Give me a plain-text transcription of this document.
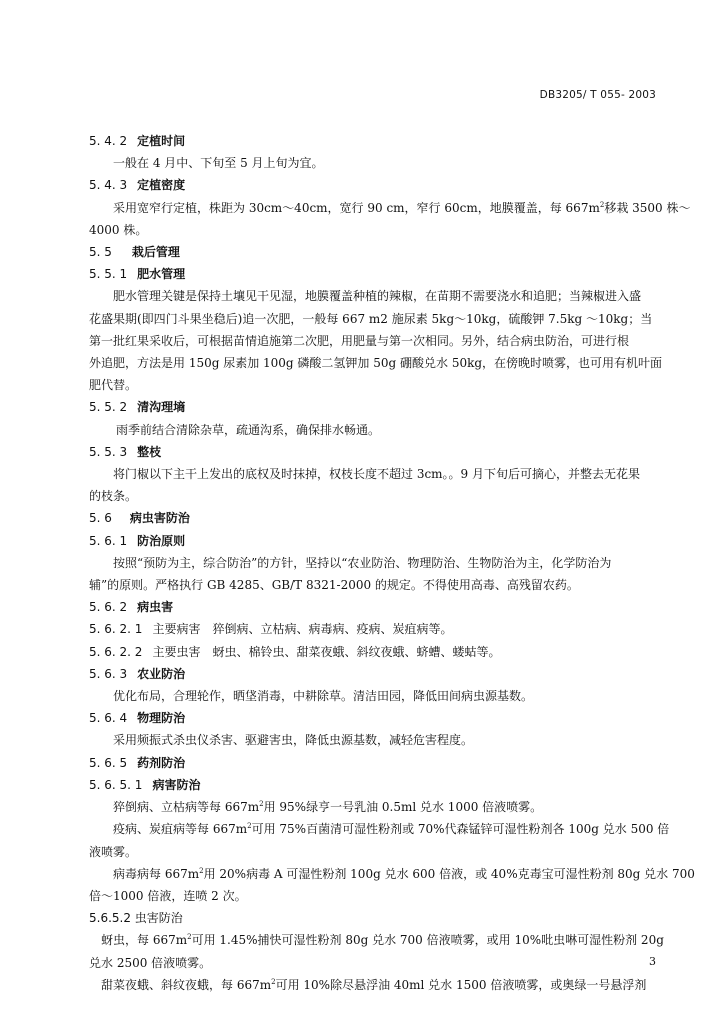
DB3205/ T 055- 2003

5. 4. 2 定植时间

一般在 4 月中、下旬至 5 月上旬为宜。

5. 4. 3 定植密度

采用宽窄行定植，株距为 30cm～40cm，宽行 90 cm，窄行 60cm，地膜覆盖，每 $667m^2$移栽 3500 株～

4000 株。

5. 5 栽后管理

5. 5. 1 肥水管理

肥水管理关键是保持土壤见干见湿，地膜覆盖种植的辣椒，在苗期不需要浇水和追肥；当辣椒进入盛

花盛果期(即四门斗果坐稳后)追一次肥，一般每 667 m2 施尿素 5kg～10kg，硫酸钾 7.5kg ～10kg；当

第一批红果采收后，可根据苗情追施第二次肥，用肥量与第一次相同。另外，结合病虫防治，可进行根

外追肥，方法是用 150g 尿素加 100g 磷酸二氢钾加 50g 硼酸兑水 50kg，在傍晚时喷雾，也可用有机叶面

肥代替。

5. 5. 2 清沟理墒

雨季前结合清除杂草，疏通沟系，确保排水畅通。

5. 5. 3 整枝

将门椒以下主干上发出的底权及时抹掉，权枝长度不超过 3cm。。9 月下旬后可摘心，并整去无花果

的枝条。

5. 6 病虫害防治

5. 6. 1 防治原则

按照“预防为主，综合防治”的方针，坚持以“农业防治、物理防治、生物防治为主，化学防治为

辅”的原则。严格执行 GB 4285、GB/T 8321-2000 的规定。不得使用高毒、高残留农药。

5. 6. 2 病虫害

5. 6. 2. 1 主要病害　猝倒病、立枯病、病毒病、疫病、炭疽病等。

5. 6. 2. 2 主要虫害　蚜虫、棉铃虫、甜菜夜蛾、斜纹夜蛾、蛴螬、蝼蛄等。

5. 6. 3 农业防治

优化布局，合理轮作，晒垡消毒，中耕除草。清洁田园，降低田间病虫源基数。

5. 6. 4 物理防治

采用频振式杀虫仪杀害、驱避害虫，降低虫源基数，减轻危害程度。

5. 6. 5 药剂防治

5. 6. 5. 1 病害防治

猝倒病、立枯病等每 $667m^2$用 95%绿亨一号乳油 0.5ml 兑水 1000 倍液喷雾。

疫病、炭疽病等每 $667m^2$可用 75%百菌清可湿性粉剂或 70%代森锰锌可湿性粉剂各 100g 兑水 500 倍

液喷雾。

病毒病每 $667m^2$用 20%病毒 A 可湿性粉剂 100g 兑水 600 倍液，或 40%克毒宝可湿性粉剂 80g 兑水 700

倍～1000 倍液，连喷 2 次。

5.6.5.2 虫害防治

蚜虫，每 $667m^2$可用 1.45%捕快可湿性粉剂 80g 兑水 700 倍液喷雾，或用 10%吡虫啉可湿性粉剂 20g

兑水 2500 倍液喷雾。

甜菜夜蛾、斜纹夜蛾，每 $667m^2$可用 10%除尽悬浮油 40ml 兑水 1500 倍液喷雾，或奥绿一号悬浮剂

3
